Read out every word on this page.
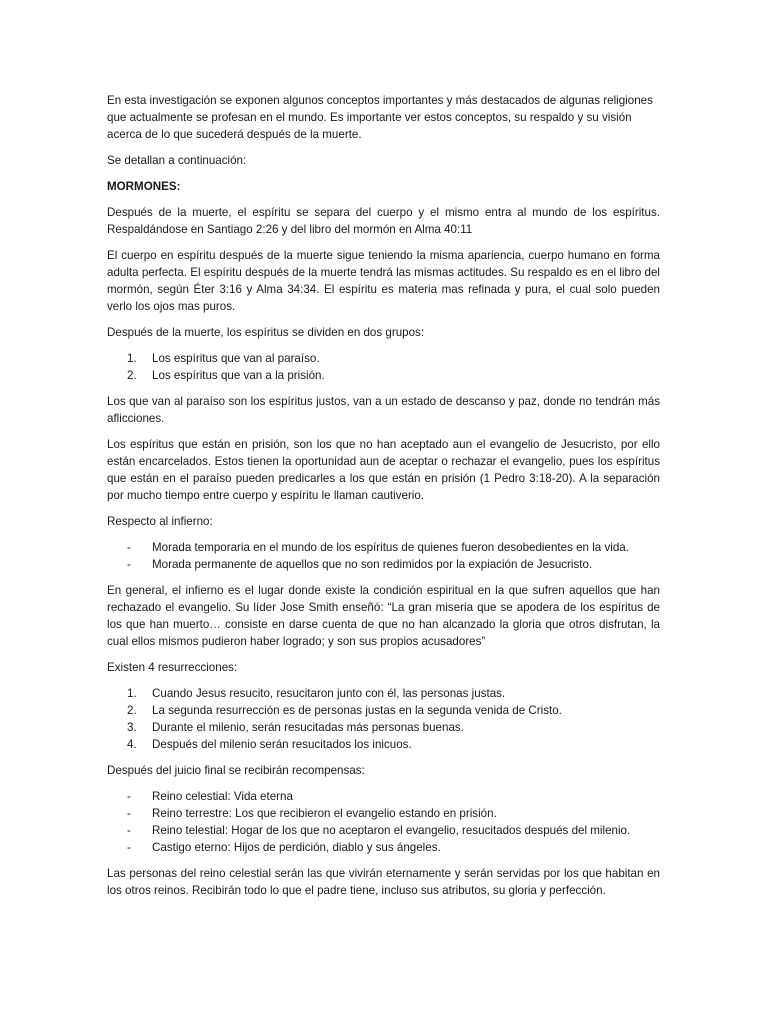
En esta investigación se exponen algunos conceptos importantes y más destacados de algunas religiones que actualmente se profesan en el mundo. Es importante ver estos conceptos, su respaldo y su visión acerca de lo que sucederá después de la muerte.

Se detallan a continuación:

MORMONES:

Después de la muerte, el espíritu se separa del cuerpo y el mismo entra al mundo de los espíritus. Respaldándose en Santiago 2:26 y del libro del mormón en Alma 40:11

El cuerpo en espíritu después de la muerte sigue teniendo la misma apariencia, cuerpo humano en forma adulta perfecta. El espíritu después de la muerte tendrá las mismas actitudes. Su respaldo es en el libro del mormón, según Éter 3:16 y Alma 34:34. El espíritu es materia mas refinada y pura, el cual solo pueden verlo los ojos mas puros.

Después de la muerte, los espíritus se dividen en dos grupos:

1. Los espíritus que van al paraíso.
2. Los espíritus que van a la prisión.

Los que van al paraíso son los espíritus justos, van a un estado de descanso y paz, donde no tendrán más aflicciones.

Los espíritus que están en prisión, son los que no han aceptado aun el evangelio de Jesucristo, por ello están encarcelados. Estos tienen la oportunidad aun de aceptar o rechazar el evangelio, pues los espíritus que están en el paraíso pueden predicarles a los que están en prisión (1 Pedro 3:18-20). A la separación por mucho tiempo entre cuerpo y espíritu le llaman cautiverio.

Respecto al infierno:

- Morada temporaria en el mundo de los espíritus de quienes fueron desobedientes en la vida.
- Morada permanente de aquellos que no son redimidos por la expiación de Jesucristo.

En general, el infierno es el lugar donde existe la condición espiritual en la que sufren aquellos que han rechazado el evangelio. Su líder Jose Smith enseñó: “La gran miseria que se apodera de los espíritus de los que han muerto… consiste en darse cuenta de que no han alcanzado la gloria que otros disfrutan, la cual ellos mismos pudieron haber logrado; y son sus propios acusadores”

Existen 4 resurrecciones:

1. Cuando Jesus resucito, resucitaron junto con él, las personas justas.
2. La segunda resurrección es de personas justas en la segunda venida de Cristo.
3. Durante el milenio, serán resucitadas más personas buenas.
4. Después del milenio serán resucitados los inicuos.

Después del juicio final se recibirán recompensas:

- Reino celestial: Vida eterna
- Reino terrestre: Los que recibieron el evangelio estando en prisión.
- Reino telestial: Hogar de los que no aceptaron el evangelio, resucitados después del milenio.
- Castigo eterno: Hijos de perdición, diablo y sus ángeles.

Las personas del reino celestial serán las que vivirán eternamente y serán servidas por los que habitan en los otros reinos. Recibirán todo lo que el padre tiene, incluso sus atributos, su gloria y perfección.
